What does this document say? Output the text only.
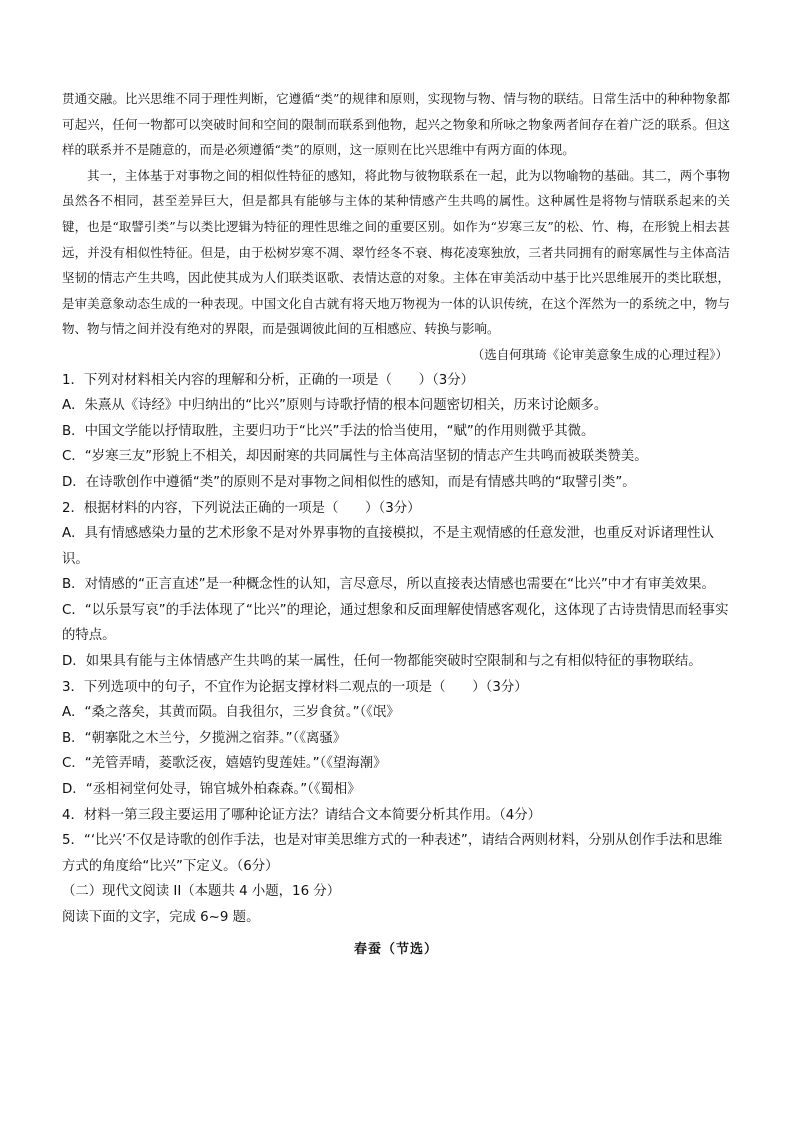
贯通交融。比兴思维不同于理性判断，它遵循“类”的规律和原则，实现物与物、情与物的联结。日常生活中的种种物象都可起兴，任何一物都可以突破时间和空间的限制而联系到他物，起兴之物象和所咏之物象两者间存在着广泛的联系。但这样的联系并不是随意的，而是必须遵循“类”的原则，这一原则在比兴思维中有两方面的体现。

其一，主体基于对事物之间的相似性特征的感知，将此物与彼物联系在一起，此为以物喻物的基础。其二，两个事物虽然各不相同，甚至差异巨大，但是都具有能够与主体的某种情感产生共鸣的属性。这种属性是将物与情联系起来的关键，也是“取譬引类”与以类比逻辑为特征的理性思维之间的重要区别。如作为“岁寒三友”的松、竹、梅，在形貌上相去甚远，并没有相似性特征。但是，由于松树岁寒不凋、翠竹经冬不衰、梅花凌寒独放，三者共同拥有的耐寒属性与主体高洁坚韧的情志产生共鸣，因此使其成为人们联类讴歌、表情达意的对象。主体在审美活动中基于比兴思维展开的类比联想，是审美意象动态生成的一种表现。中国文化自古就有将天地万物视为一体的认识传统，在这个浑然为一的系统之中，物与物、物与情之间并没有绝对的界限，而是强调彼此间的互相感应、转换与影响。

（选自何琪琦《论审美意象生成的心理过程》）

1．下列对材料相关内容的理解和分析，正确的一项是（　　）（3分）

A．朱熹从《诗经》中归纳出的“比兴”原则与诗歌抒情的根本问题密切相关，历来讨论颇多。

B．中国文学能以抒情取胜，主要归功于“比兴”手法的恰当使用，“赋”的作用则微乎其微。

C．“岁寒三友”形貌上不相关，却因耐寒的共同属性与主体高洁坚韧的情志产生共鸣而被联类赞美。

D．在诗歌创作中遵循“类”的原则不是对事物之间相似性的感知，而是有情感共鸣的“取譬引类”。

2．根据材料的内容，下列说法正确的一项是（　　）（3分）

A．具有情感感染力量的艺术形象不是对外界事物的直接模拟，不是主观情感的任意发泄，也重反对诉诸理性认识。

B．对情感的“正言直述”是一种概念性的认知，言尽意尽，所以直接表达情感也需要在“比兴”中才有审美效果。

C．“以乐景写哀”的手法体现了“比兴”的理论，通过想象和反面理解使情感客观化，这体现了古诗贵情思而轻事实的特点。

D．如果具有能与主体情感产生共鸣的某一属性，任何一物都能突破时空限制和与之有相似特征的事物联结。

3．下列选项中的句子，不宜作为论据支撑材料二观点的一项是（　　）（3分）

A．“桑之落矣，其黄而陨。自我徂尔，三岁食贫。”（《氓》

B．“朝搴阰之木兰兮，夕揽洲之宿莽。”（《离骚》

C．“羌管弄晴，菱歌泛夜，嬉嬉钓叟莲娃。”（《望海潮》

D．“丞相祠堂何处寻，锦官城外柏森森。”（《蜀相》

4．材料一第三段主要运用了哪种论证方法？请结合文本简要分析其作用。（4分）

5．“‘比兴’不仅是诗歌的创作手法，也是对审美思维方式的一种表述”，请结合两则材料，分别从创作手法和思维方式的角度给“比兴”下定义。（6分）

（二）现代文阅读 II（本题共 4 小题，16 分）

阅读下面的文字，完成 6~9 题。

春蚕（节选）
